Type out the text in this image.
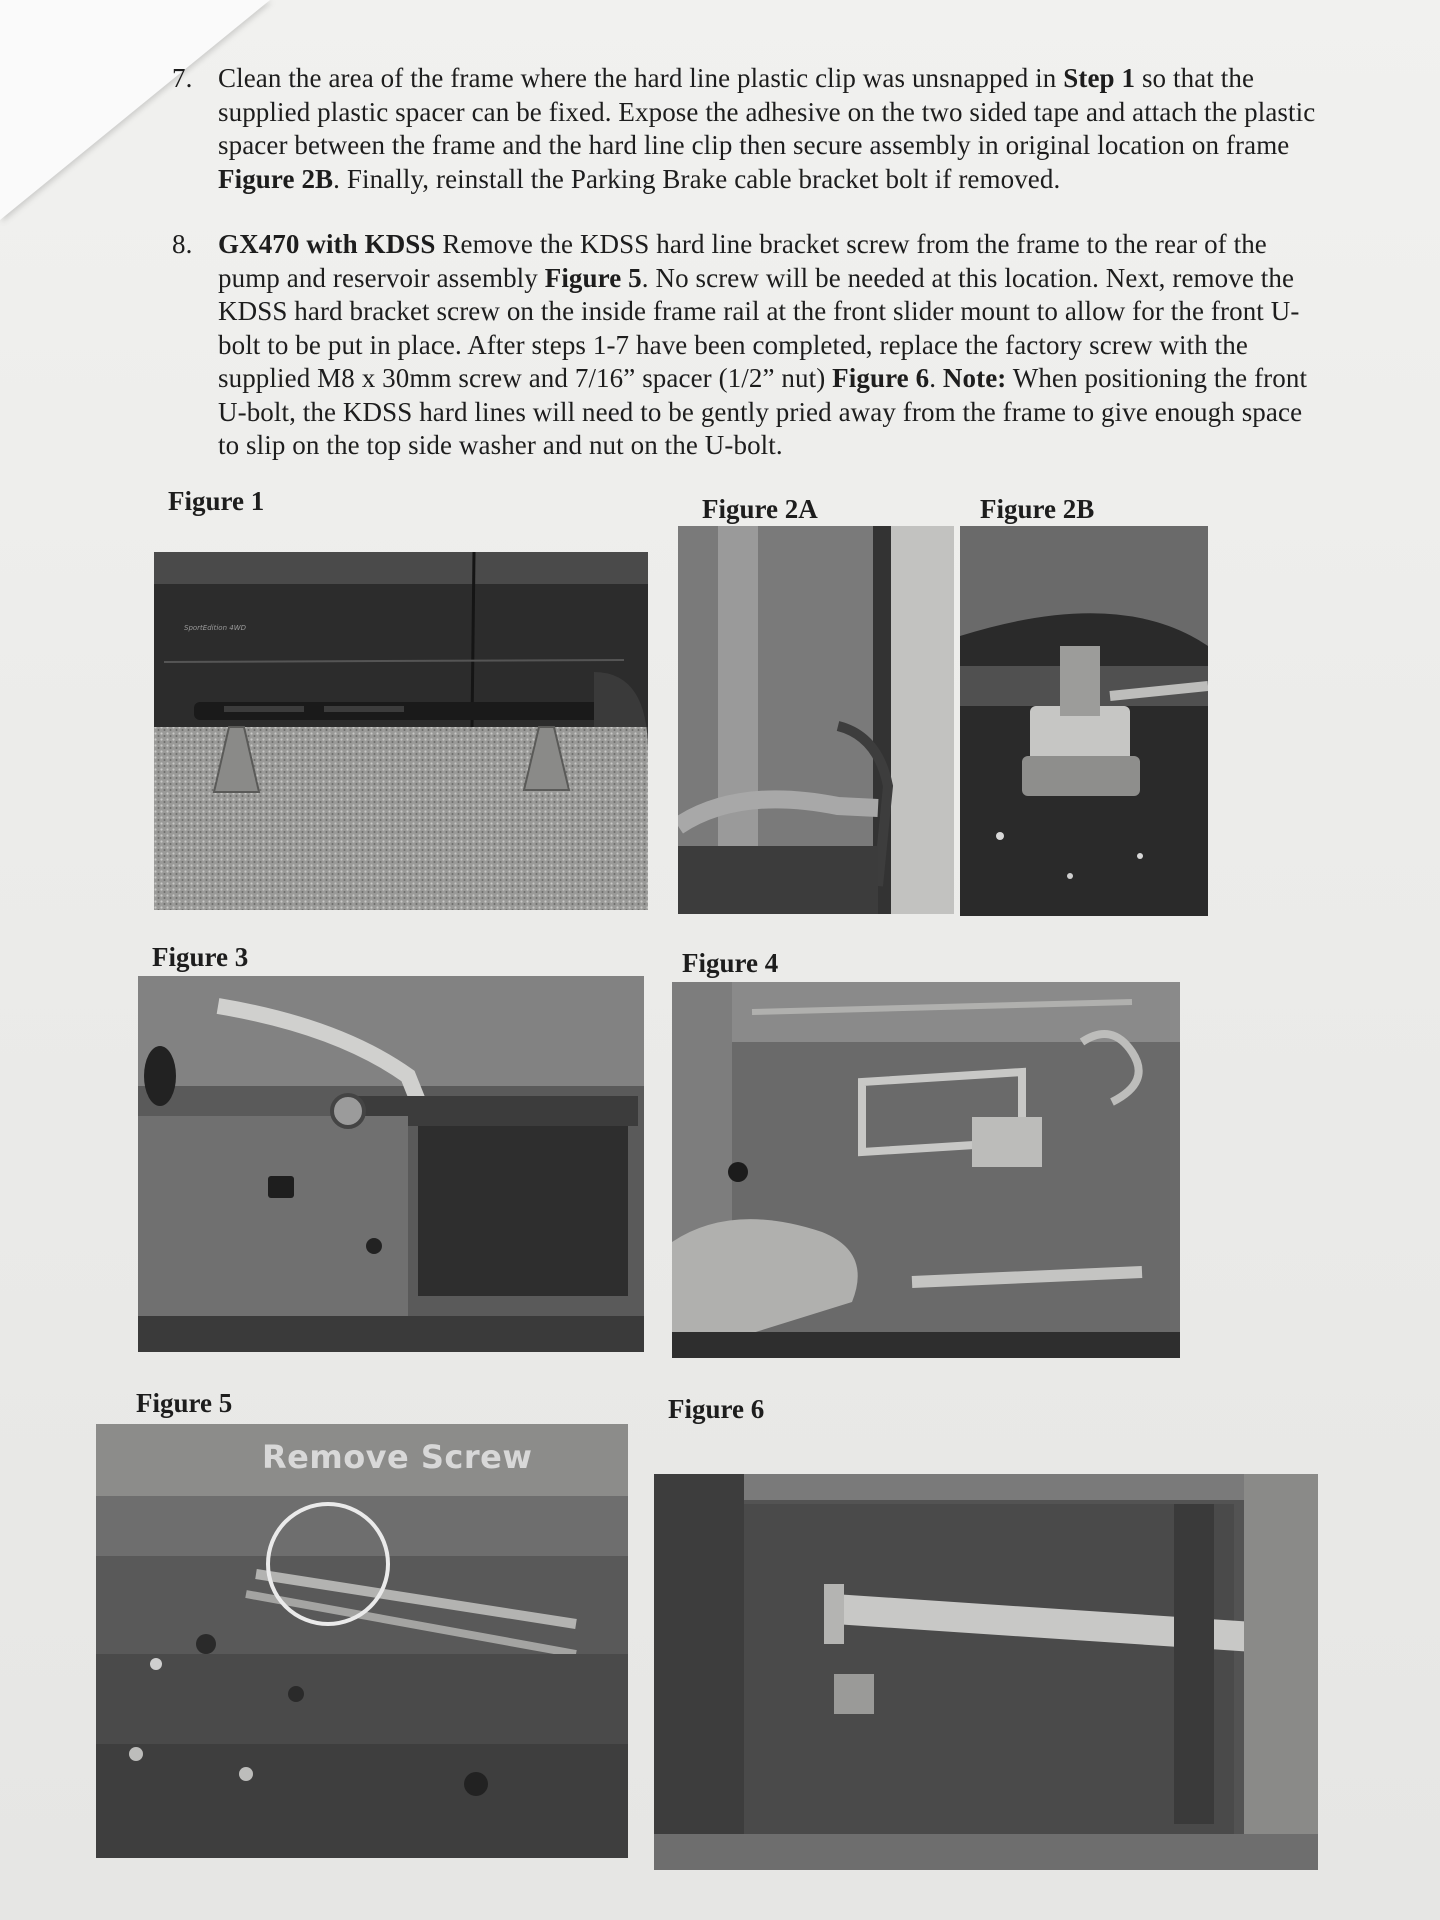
7. Clean the area of the frame where the hard line plastic clip was unsnapped in Step 1 so that the supplied plastic spacer can be fixed. Expose the adhesive on the two sided tape and attach the plastic spacer between the frame and the hard line clip then secure assembly in original location on frame Figure 2B. Finally, reinstall the Parking Brake cable bracket bolt if removed.
8. GX470 with KDSS Remove the KDSS hard line bracket screw from the frame to the rear of the pump and reservoir assembly Figure 5. No screw will be needed at this location. Next, remove the KDSS hard bracket screw on the inside frame rail at the front slider mount to allow for the front U-bolt to be put in place. After steps 1-7 have been completed, replace the factory screw with the supplied M8 x 30mm screw and 7/16” spacer (1/2” nut) Figure 6. Note: When positioning the front U-bolt, the KDSS hard lines will need to be gently pried away from the frame to give enough space to slip on the top side washer and nut on the U-bolt.
Figure 1	Figure 2A	Figure 2B
Figure 3	Figure 4
Figure 5	Figure 6
SportEdition 4WD
Remove Screw
